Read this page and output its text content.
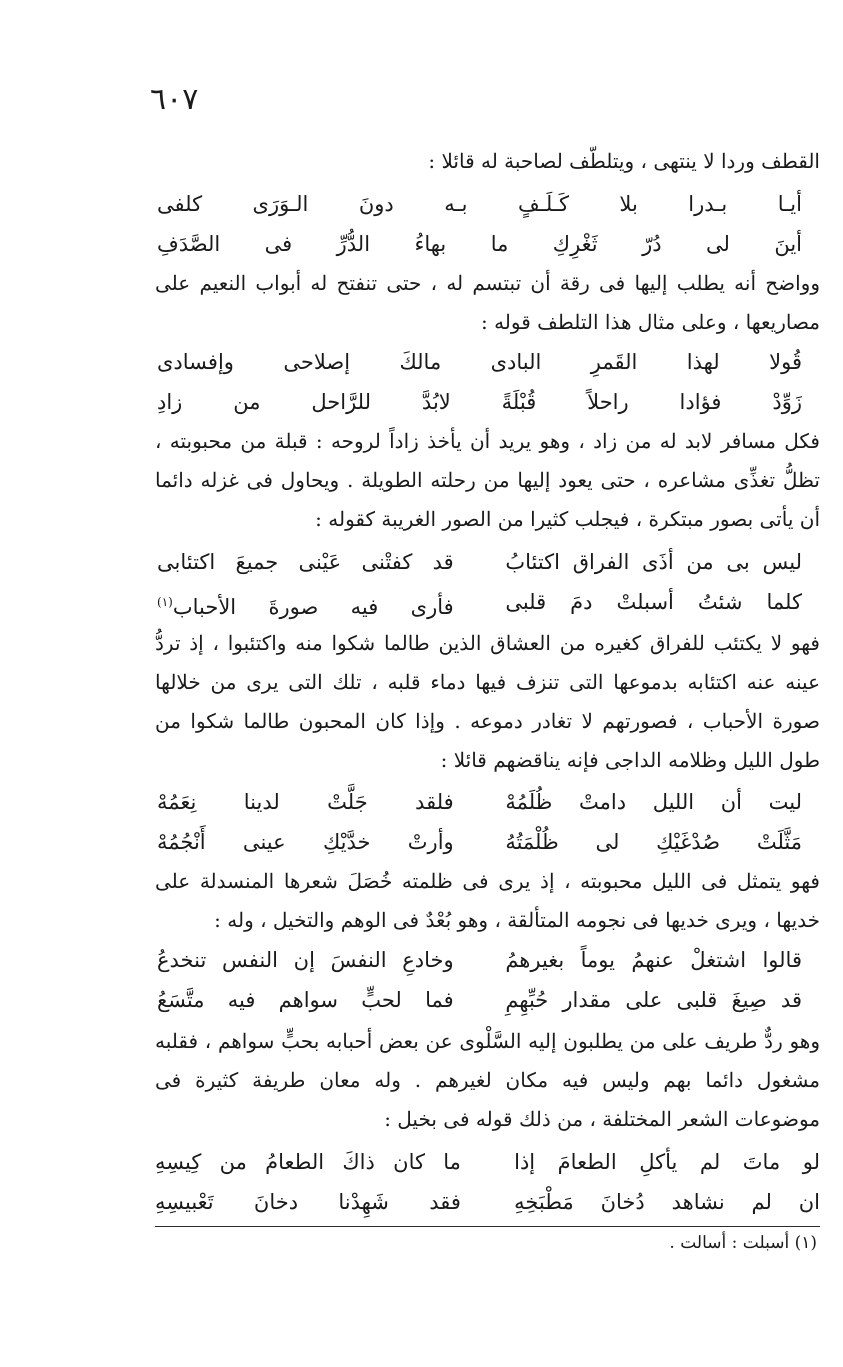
٦٠٧

القطف وردا لا ينتهى ، ويتلطّف لصاحبة له قائلا :

أيـا بـدرا بلا كَـلَـفٍ بـه دونَ الـوَرَى كلفى
أينَ لى دُرّ ثَغْرِكِ ما بهاءُ الدُّرِّ فى الصَّدَفِ

وواضح أنه يطلب إليها فى رقة أن تبتسم له ، حتى تنفتح له أبواب النعيم على مصاريعها ، وعلى مثال هذا التلطف قوله :

قُولا لهذا القَمرِ البادى مالكَ إصلاحى وإفسادى
زَوِّدْ فؤادا راحلاً قُبْلَةً لابُدَّ للرَّاحل من زادِ

فكل مسافر لابد له من زاد ، وهو يريد أن يأخذ زاداً لروحه : قبلة من محبوبته ، تظلُّ تغذِّى مشاعره ، حتى يعود إليها من رحلته الطويلة . ويحاول فى غزله دائما أن يأتى بصور مبتكرة ، فيجلب كثيرا من الصور الغريبة كقوله :

ليس بى من أذَى الفراق اكتئابُ
قد كفتْنى عَيْنى جميعَ اكتئابى
كلما شئتُ أسبلتْ دمَ قلبى
فأرى فيه صورةَ الأحباب$^{(١)}$

فهو لا يكتئب للفراق كغيره من العشاق الذين طالما شكوا منه واكتئبوا ، إذ تردُّ عينه عنه اكتئابه بدموعها التى تنزف فيها دماء قلبه ، تلك التى يرى من خلالها صورة الأحباب ، فصورتهم لا تغادر دموعه . وإذا كان المحبون طالما شكوا من طول الليل وظلامه الداجى فإنه يناقضهم قائلا :

ليت أن الليل دامتْ ظُلَمُهْ
فلقد جَلَّتْ لدينا نِعَمُهْ
مَثَّلَتْ صُدْغَيْكِ لى ظُلْمَتُهُ
وأرتْ خدَّيْكِ عينى أَنْجُمُهْ

فهو يتمثل فى الليل محبوبته ، إذ يرى فى ظلمته خُصَلَ شعرها المنسدلة على خديها ، ويرى خديها فى نجومه المتألقة ، وهو بُعْدٌ فى الوهم والتخيل ، وله :

قالوا اشتغلْ عنهمُ يوماً بغيرهمُ
وخادعِ النفسَ إن النفس تنخدعُ
قد صِيغَ قلبى على مقدار حُبِّهِمِ
فما لحبٍّ سواهم فيه متَّسَعُ

وهو ردٌّ طريف على من يطلبون إليه السَّلْوى عن بعض أحبابه بحبٍّ سواهم ، فقلبه مشغول دائما بهم وليس فيه مكان لغيرهم . وله معان طريفة كثيرة فى موضوعات الشعر المختلفة ، من ذلك قوله فى بخيل :

لو ماتَ لم يأكلِ الطعامَ إذا
ما كان ذاكَ الطعامُ من كِيسِهِ
ان لم نشاهد دُخانَ مَطْبَخِهِ
فقد شَهِدْنا دخانَ تَعْبيسِهِ
(١) أسبلت : أسالت .
